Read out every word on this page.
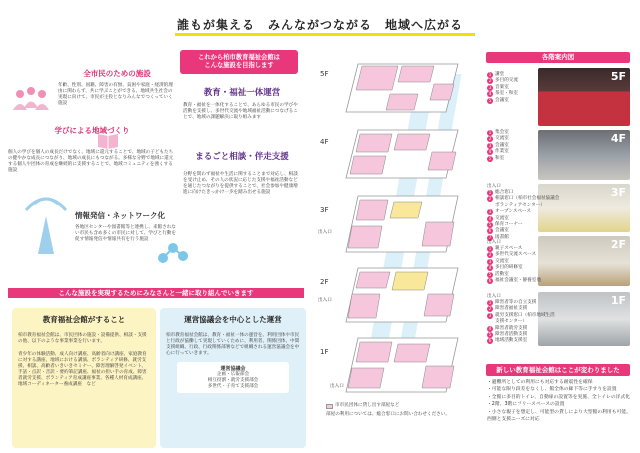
誰もが集える　みんながつながる　地域へ広がる
全市民のための施設
年齢、性別、国籍、障害の有無、貧困や家庭・経済的理由に関わらず、共に学ぶことができる、地域共生社会の実現に向けて、市民が主役となりみんなでつくっていく施設
学びによる地域づくり
個人の学びを個人の成長だけでなく、地域に還元することで、地域の子どもたちの健やかな成長につながり、地域の成長にもつながる。多様な分野で地域に還元する個人や団体の育成を継続的に支援することで、地域コミュニティを強くする施設
情報発信・ネットワーク化
各地区センターや図書館等と連携し、来館されない市民も含め多くの市民に対して、学びと行動を促す情報発信や情報共有を行う施設
これから柏市教育福祉会館は
こんな施設を目指します
教育・福祉一体運営
教育・福祉を一体化することで、あらゆる市民の学びや活動を支援し、多世代交流や地域福祉活動につなげることで、地域の課題解決に取り組みます
まるごと相談・伴走支援
分野を問わず福祉や生活に関することまで対応し、相談を受け止め、その人の状況に応じた支援や福祉活動などを通じたつながりを提供することで、社会参加や健康増進に向けたきっかけ一歩を踏み出せる施設
こんな施設を実現するためにみなさんと一緒に取り組んでいきます
教育福祉会館がすること
柏市教育福祉会館は、市民団体の施設・設備提供、相談・支援の他、以下のような事業事業を行います。
青少年の体験活動、成人向け講座、高齢者向け講座、家庭教育に対する講座、地域における講演、ボランティア研修、就労支援、相談、高齢者いきいきセミナー、障害理解啓発イベント、手話・点訳・音訳・要約筆記講座、福祉の担い手の育成、障害者就労支援、ボランティア育成講座事業、各種人材育成講座、地域コーディネーター養成講座　など
運営協議会を中心とした運営
柏市教育福祉会館は、教育・福祉一体の運営を、利用団体や市民と行政が協働して実現していくために、利用者、関係団体、中間支援組織、行政、行政関係部署などで組織される運営協議会を中心に行っていきます。
運営協議会
企画・広報部会
相互役割・就労支援部会
多世代・子育て支援部会
5F
4F
3F
出入口
2F
出入口
1F
出入口
市市民団体に貸し出す部屋など
部屋の利用については、総合窓口にお問い合わせください。
各階案内図
5F
1 講堂
2 多目的交流
3 音楽室
4 茶室・和室
5 会議室
4F
1 集会室
2 交流室
3 会議室
4 作業室
5 和室
3F
出入口
1 総合窓口
2 相談窓口（柏市社会福祉協議会ボランティアセンター）
3 オープンスペース
4 交流室
5 保育コーナー
6 会議室
7 図書館
2F
出入口
1 親子スペース
2 多世代交流スペース
3 交流室
4 多目的研修室
5 活動室
6 福祉会議室・静養室他
1F
出入口
1 障害者等の自立支援
2 障害者福祉支援
3 就労支援窓口（柏市地域生活支援センター）
4 障害者就労支援
5 障害者活動支援
6 地域活動支援室
新しい教育福祉会館はここが変わりました
・避難所としての利用にも対応する耐震性を確保
・可能な限り段差をなくし、館全体の廊下等に手すりを設置
・全館に多目的トイレ、自動扉の設置等を実施、全トイレの洋式化
・2階、3階にフリースペースの設置
・小さな親子を想定し、可能型の貸しにより大型館の利用も可能。西側と支援ニーズに対応
